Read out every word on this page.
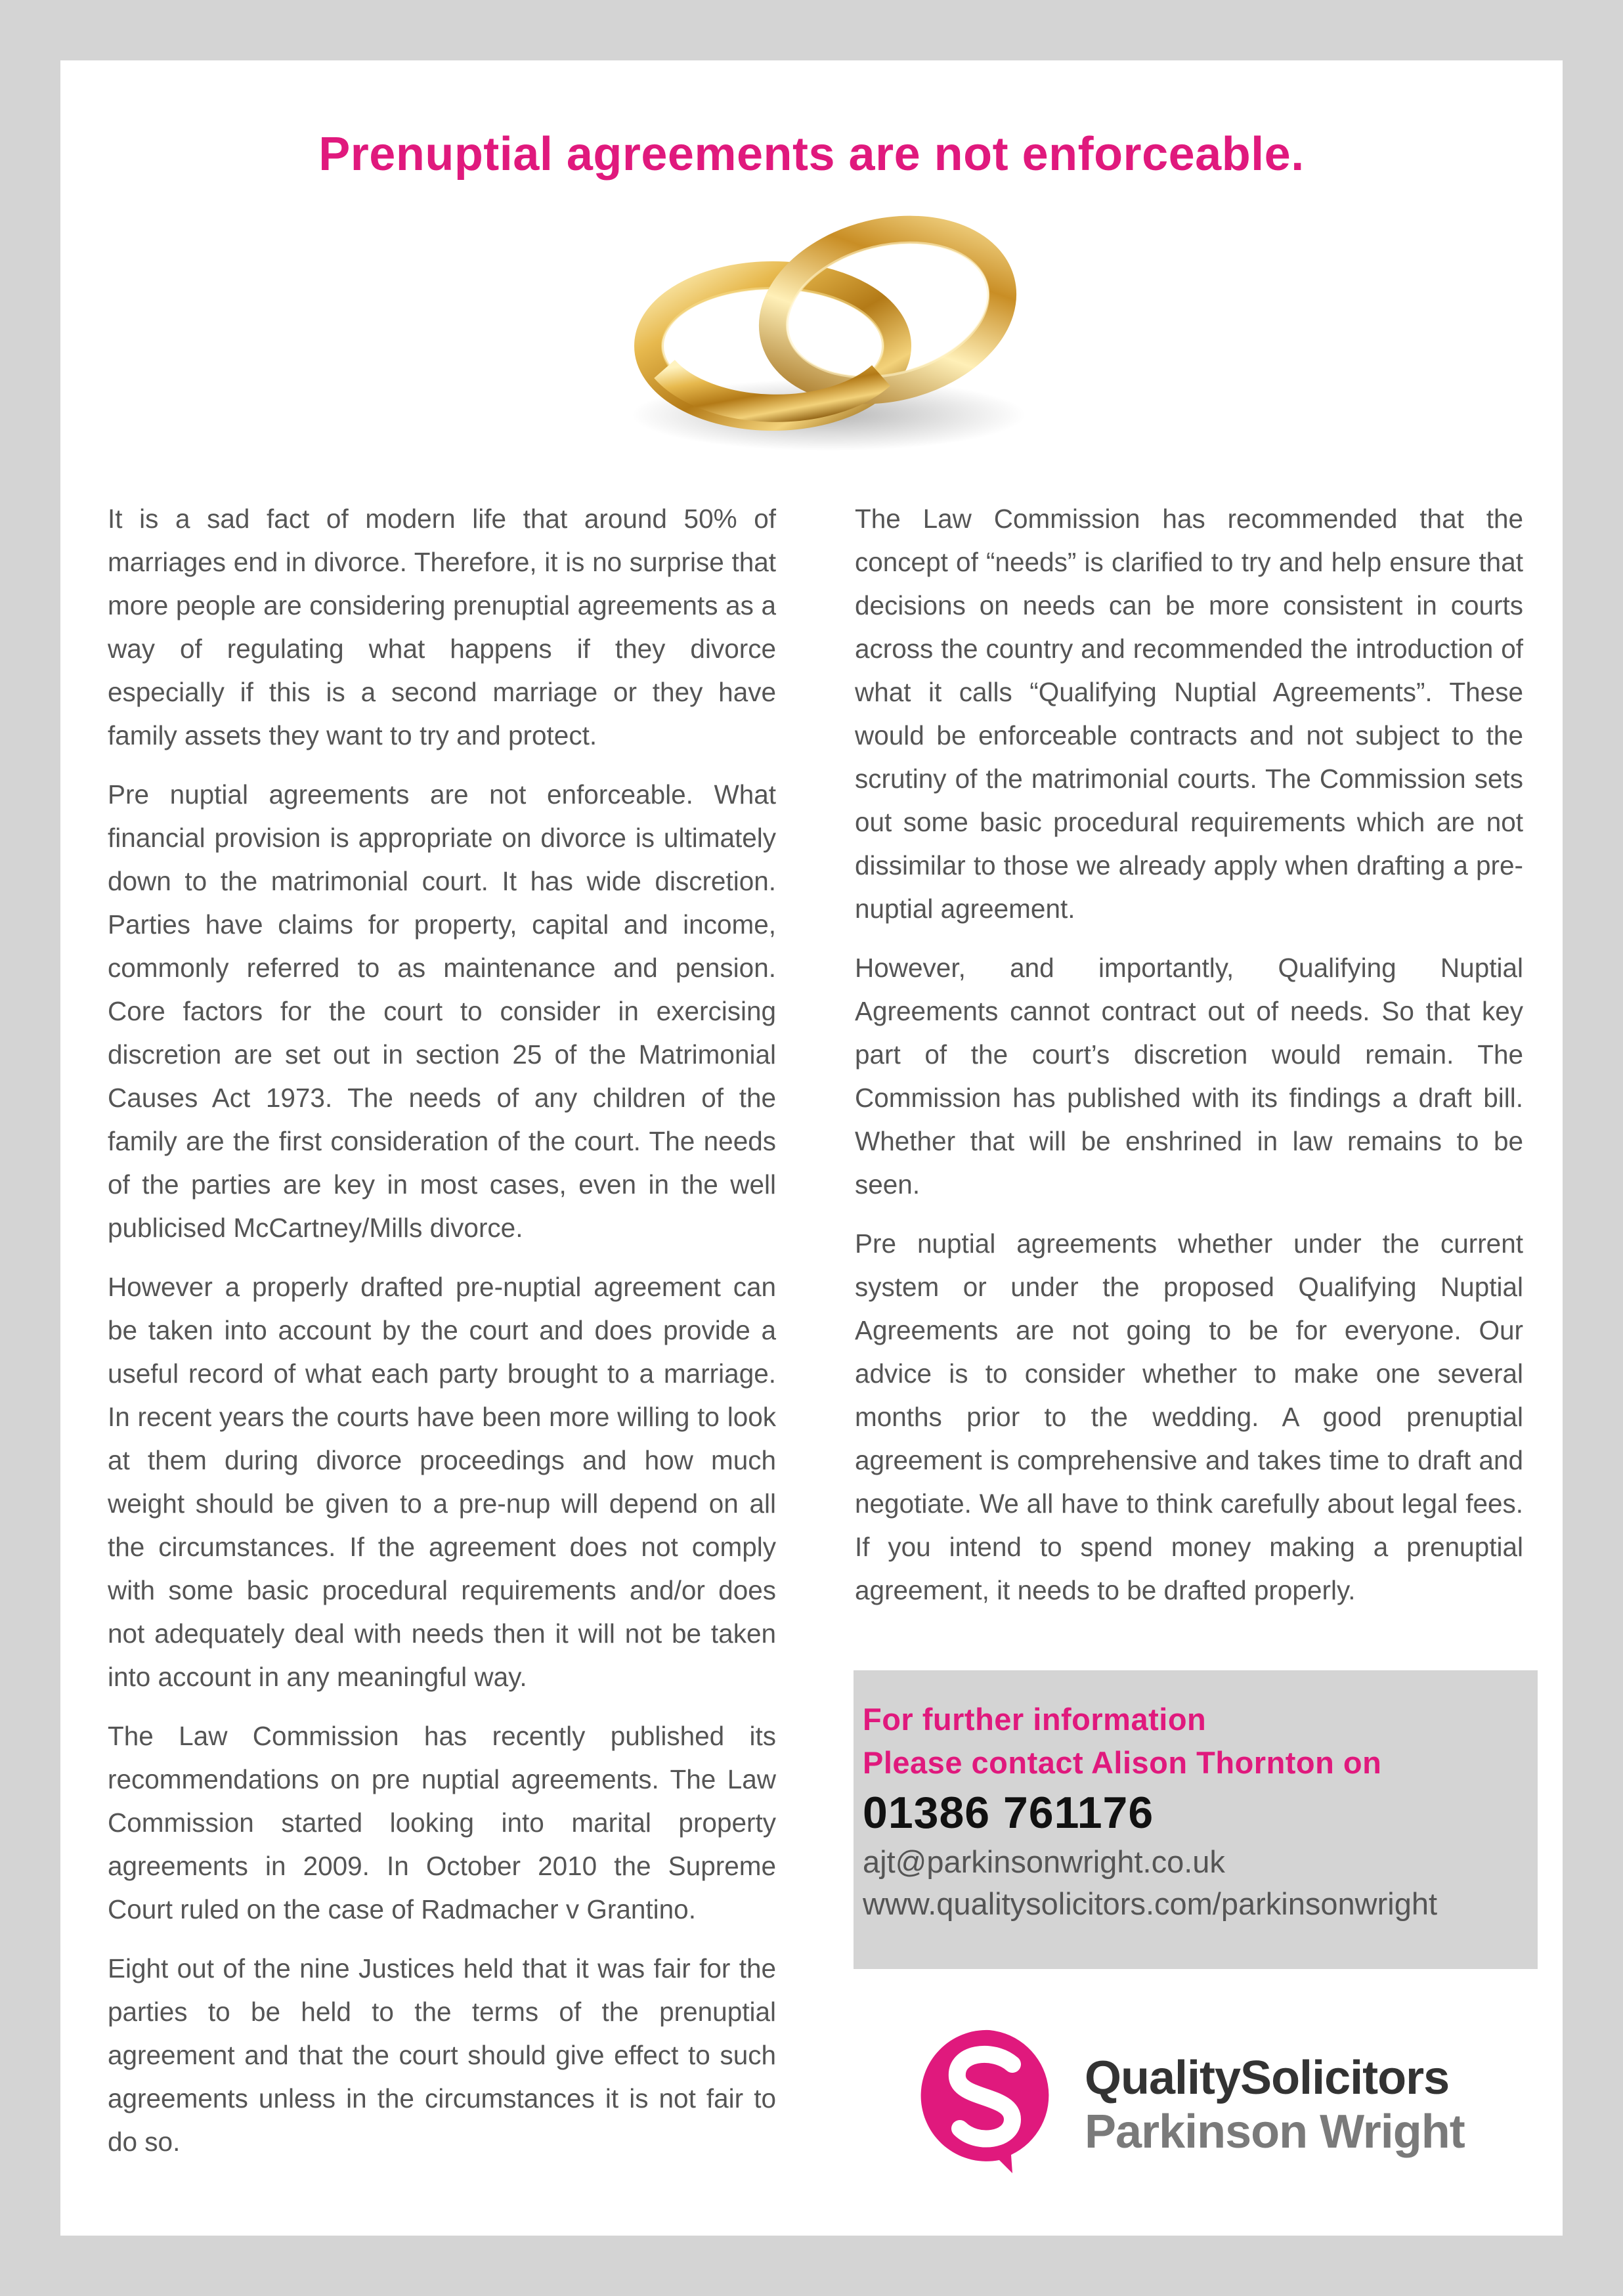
Prenuptial agreements are not enforceable.

It is a sad fact of modern life that around 50% of marriages end in divorce. Therefore, it is no surprise that more people are considering prenuptial agreements as a way of regulating what happens if they divorce especially if this is a second marriage or they have family assets they want to try and protect.

Pre nuptial agreements are not enforceable. What financial provision is appropriate on divorce is ultimately down to the matrimonial court. It has wide discretion. Parties have claims for property, capital and income, commonly referred to as maintenance and pension. Core factors for the court to consider in exercising discretion are set out in section 25 of the Matrimonial Causes Act 1973. The needs of any children of the family are the first consideration of the court. The needs of the parties are key in most cases, even in the well publicised McCartney/Mills divorce.

However a properly drafted pre-nuptial agreement can be taken into account by the court and does provide a useful record of what each party brought to a marriage. In recent years the courts have been more willing to look at them during divorce proceedings and how much weight should be given to a pre-nup will depend on all the circumstances. If the agreement does not comply with some basic procedural requirements and/or does not adequately deal with needs then it will not be taken into account in any meaningful way.

The Law Commission has recently published its recommendations on pre nuptial agreements. The Law Commission started looking into marital property agreements in 2009. In October 2010 the Supreme Court ruled on the case of Radmacher v Grantino.

Eight out of the nine Justices held that it was fair for the parties to be held to the terms of the prenuptial agreement and that the court should give effect to such agreements unless in the circumstances it is not fair to do so.

The Law Commission has recommended that the concept of “needs” is clarified to try and help ensure that decisions on needs can be more consistent in courts across the country and recommended the introduction of what it calls “Qualifying Nuptial Agreements”. These would be enforceable contracts and not subject to the scrutiny of the matrimonial courts. The Commission sets out some basic procedural requirements which are not dissimilar to those we already apply when drafting a pre-nuptial agreement.

However, and importantly, Qualifying Nuptial Agreements cannot contract out of needs. So that key part of the court’s discretion would remain. The Commission has published with its findings a draft bill. Whether that will be enshrined in law remains to be seen.

Pre nuptial agreements whether under the current system or under the proposed Qualifying Nuptial Agreements are not going to be for everyone. Our advice is to consider whether to make one several months prior to the wedding. A good prenuptial agreement is comprehensive and takes time to draft and negotiate. We all have to think carefully about legal fees. If you intend to spend money making a prenuptial agreement, it needs to be drafted properly.

For further information
Please contact Alison Thornton on
01386 761176
ajt@parkinsonwright.co.uk
www.qualitysolicitors.com/parkinsonwright
QualitySolicitors
Parkinson Wright
